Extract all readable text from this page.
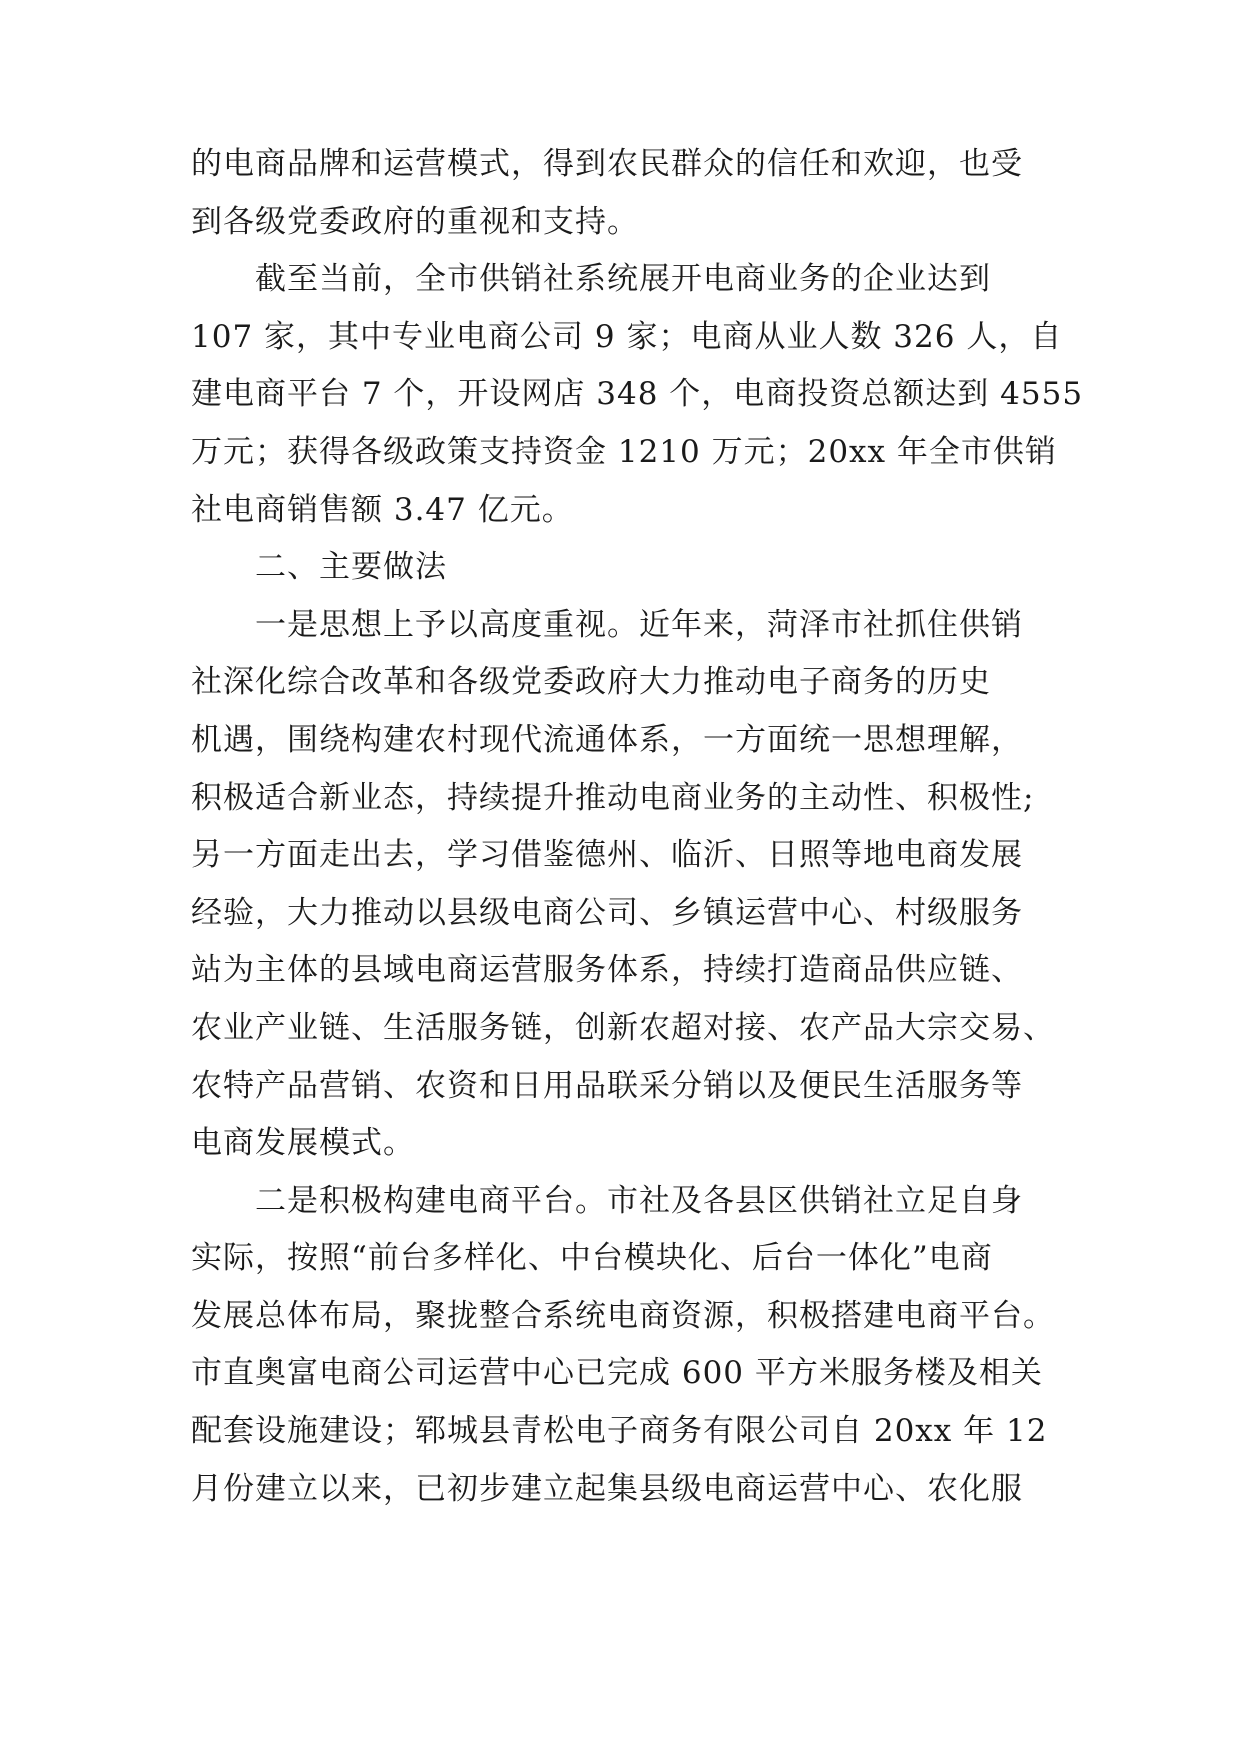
的电商品牌和运营模式，得到农民群众的信任和欢迎，也受
到各级党委政府的重视和支持。
截至当前，全市供销社系统展开电商业务的企业达到
107 家，其中专业电商公司 9 家；电商从业人数 326 人，自
建电商平台 7 个，开设网店 348 个，电商投资总额达到 4555
万元；获得各级政策支持资金 1210 万元；20xx 年全市供销
社电商销售额 3.47 亿元。
二、主要做法
一是思想上予以高度重视。近年来，菏泽市社抓住供销
社深化综合改革和各级党委政府大力推动电子商务的历史
机遇，围绕构建农村现代流通体系，一方面统一思想理解，
积极适合新业态，持续提升推动电商业务的主动性、积极性;
另一方面走出去，学习借鉴德州、临沂、日照等地电商发展
经验，大力推动以县级电商公司、乡镇运营中心、村级服务
站为主体的县域电商运营服务体系，持续打造商品供应链、
农业产业链、生活服务链，创新农超对接、农产品大宗交易、
农特产品营销、农资和日用品联采分销以及便民生活服务等
电商发展模式。
二是积极构建电商平台。市社及各县区供销社立足自身
实际，按照“前台多样化、中台模块化、后台一体化”电商
发展总体布局，聚拢整合系统电商资源，积极搭建电商平台。
市直奥富电商公司运营中心已完成 600 平方米服务楼及相关
配套设施建设；郓城县青松电子商务有限公司自 20xx 年 12
月份建立以来，已初步建立起集县级电商运营中心、农化服
